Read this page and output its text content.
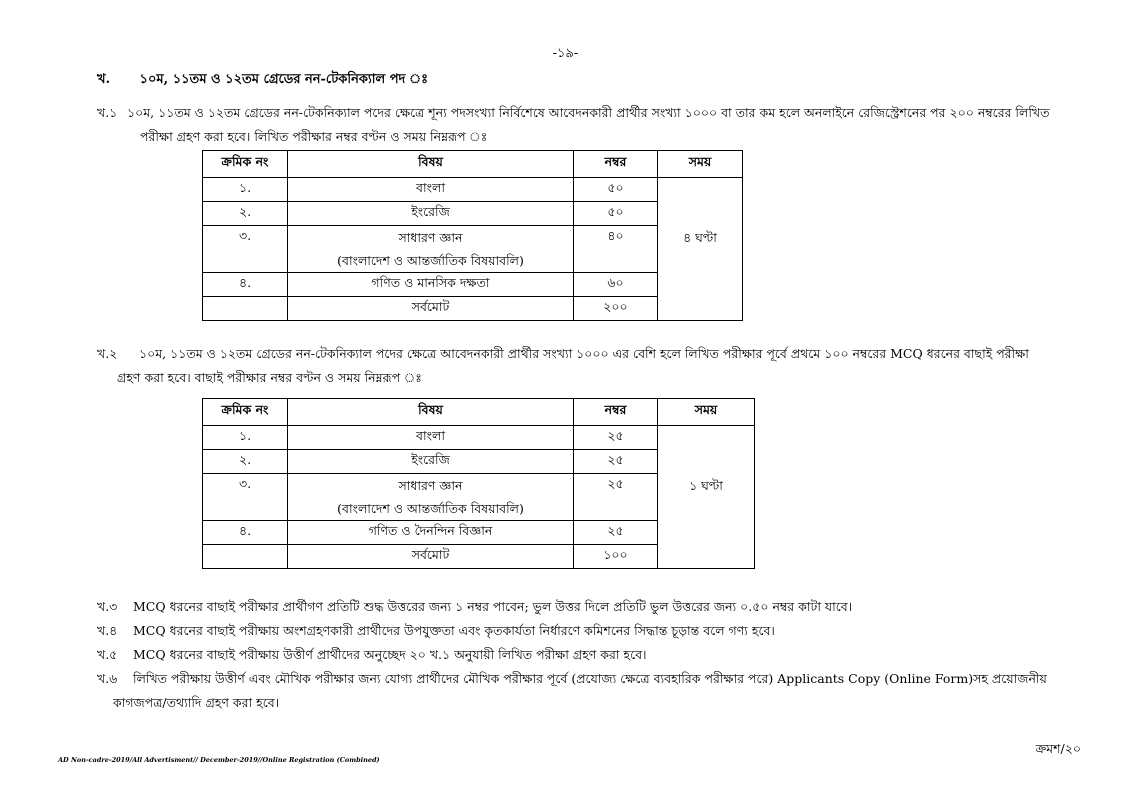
-১৯-
খ. ১০ম, ১১তম ও ১২তম গ্রেডের নন-টেকনিক্যাল পদ ঃ
খ.১ ১০ম, ১১তম ও ১২তম গ্রেডের নন-টেকনিক্যাল পদের ক্ষেত্রে শূন্য পদসংখ্যা নির্বিশেষে আবেদনকারী প্রার্থীর সংখ্যা ১০০০ বা তার কম হলে অনলাইনে রেজিস্ট্রেশনের পর ২০০ নম্বরের লিখিত
পরীক্ষা গ্রহণ করা হবে। লিখিত পরীক্ষার নম্বর বণ্টন ও সময় নিম্নরূপ ঃ
ক্রমিক নং	বিষয়	নম্বর	সময়
১.	বাংলা	৫০	৪ ঘণ্টা
২.	ইংরেজি	৫০	
৩.	সাধারণ জ্ঞান
(বাংলাদেশ ও আন্তর্জাতিক বিষয়াবলি)	৪০	
৪.	গণিত ও মানসিক দক্ষতা	৬০	
	সর্বমোট	২০০	
খ.২	১০ম, ১১তম ও ১২তম গ্রেডের নন-টেকনিক্যাল পদের ক্ষেত্রে আবেদনকারী প্রার্থীর সংখ্যা ১০০০ এর বেশি হলে লিখিত পরীক্ষার পূর্বে প্রথমে ১০০ নম্বরের MCQ ধরনের বাছাই পরীক্ষা
গ্রহণ করা হবে। বাছাই পরীক্ষার নম্বর বণ্টন ও সময় নিম্নরূপ ঃ
ক্রমিক নং	বিষয়	নম্বর	সময়
১.	বাংলা	২৫	১ ঘণ্টা
২.	ইংরেজি	২৫	
৩.	সাধারণ জ্ঞান
(বাংলাদেশ ও আন্তর্জাতিক বিষয়াবলি)	২৫	
৪.	গণিত ও দৈনন্দিন বিজ্ঞান	২৫	
	সর্বমোট	১০০	
খ.৩ MCQ ধরনের বাছাই পরীক্ষার প্রার্থীগণ প্রতিটি শুদ্ধ উত্তরের জন্য ১ নম্বর পাবেন; ভুল উত্তর দিলে প্রতিটি ভুল উত্তরের জন্য ০.৫০ নম্বর কাটা যাবে।
খ.৪ MCQ ধরনের বাছাই পরীক্ষায় অংশগ্রহণকারী প্রার্থীদের উপযুক্ততা এবং কৃতকার্যতা নির্ধারণে কমিশনের সিদ্ধান্ত চূড়ান্ত বলে গণ্য হবে।
খ.৫ MCQ ধরনের বাছাই পরীক্ষায় উত্তীর্ণ প্রার্থীদের অনুচ্ছেদ ২০ খ.১ অনুযায়ী লিখিত পরীক্ষা গ্রহণ করা হবে।
খ.৬ লিখিত পরীক্ষায় উত্তীর্ণ এবং মৌখিক পরীক্ষার জন্য যোগ্য প্রার্থীদের মৌখিক পরীক্ষার পূর্বে (প্রযোজ্য ক্ষেত্রে ব্যবহারিক পরীক্ষার পরে) Applicants Copy (Online Form)সহ প্রয়োজনীয়
কাগজপত্র/তথ্যাদি গ্রহণ করা হবে।
ক্রমশ/২০
AD Non-cadre-2019/All Advertisment// December-2019//Online Registration (Combined)
